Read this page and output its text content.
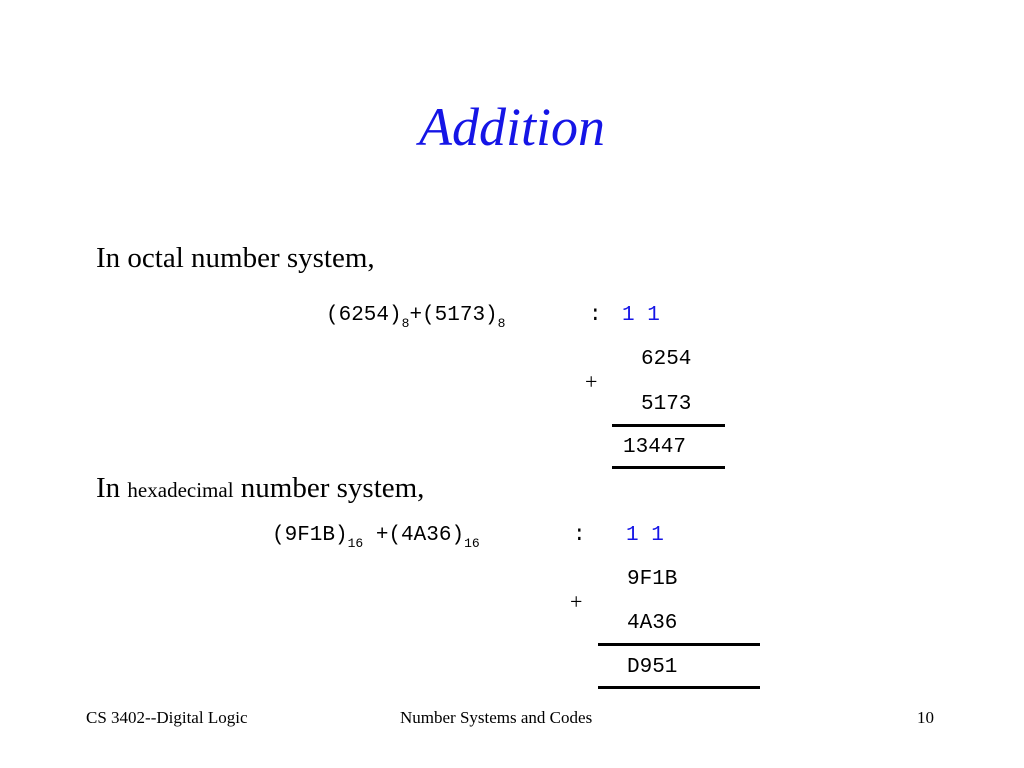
Addition
In octal number system,
$(6254)_8+(5173)_8$	: 1 1
6254
+
5173
13447
In hexadecimal number system,
$(9F1B)_{16} +(4A36)_{16}$	: 1 1
9F1B
+
4A36
D951
CS 3402--Digital Logic	Number Systems and Codes	10
